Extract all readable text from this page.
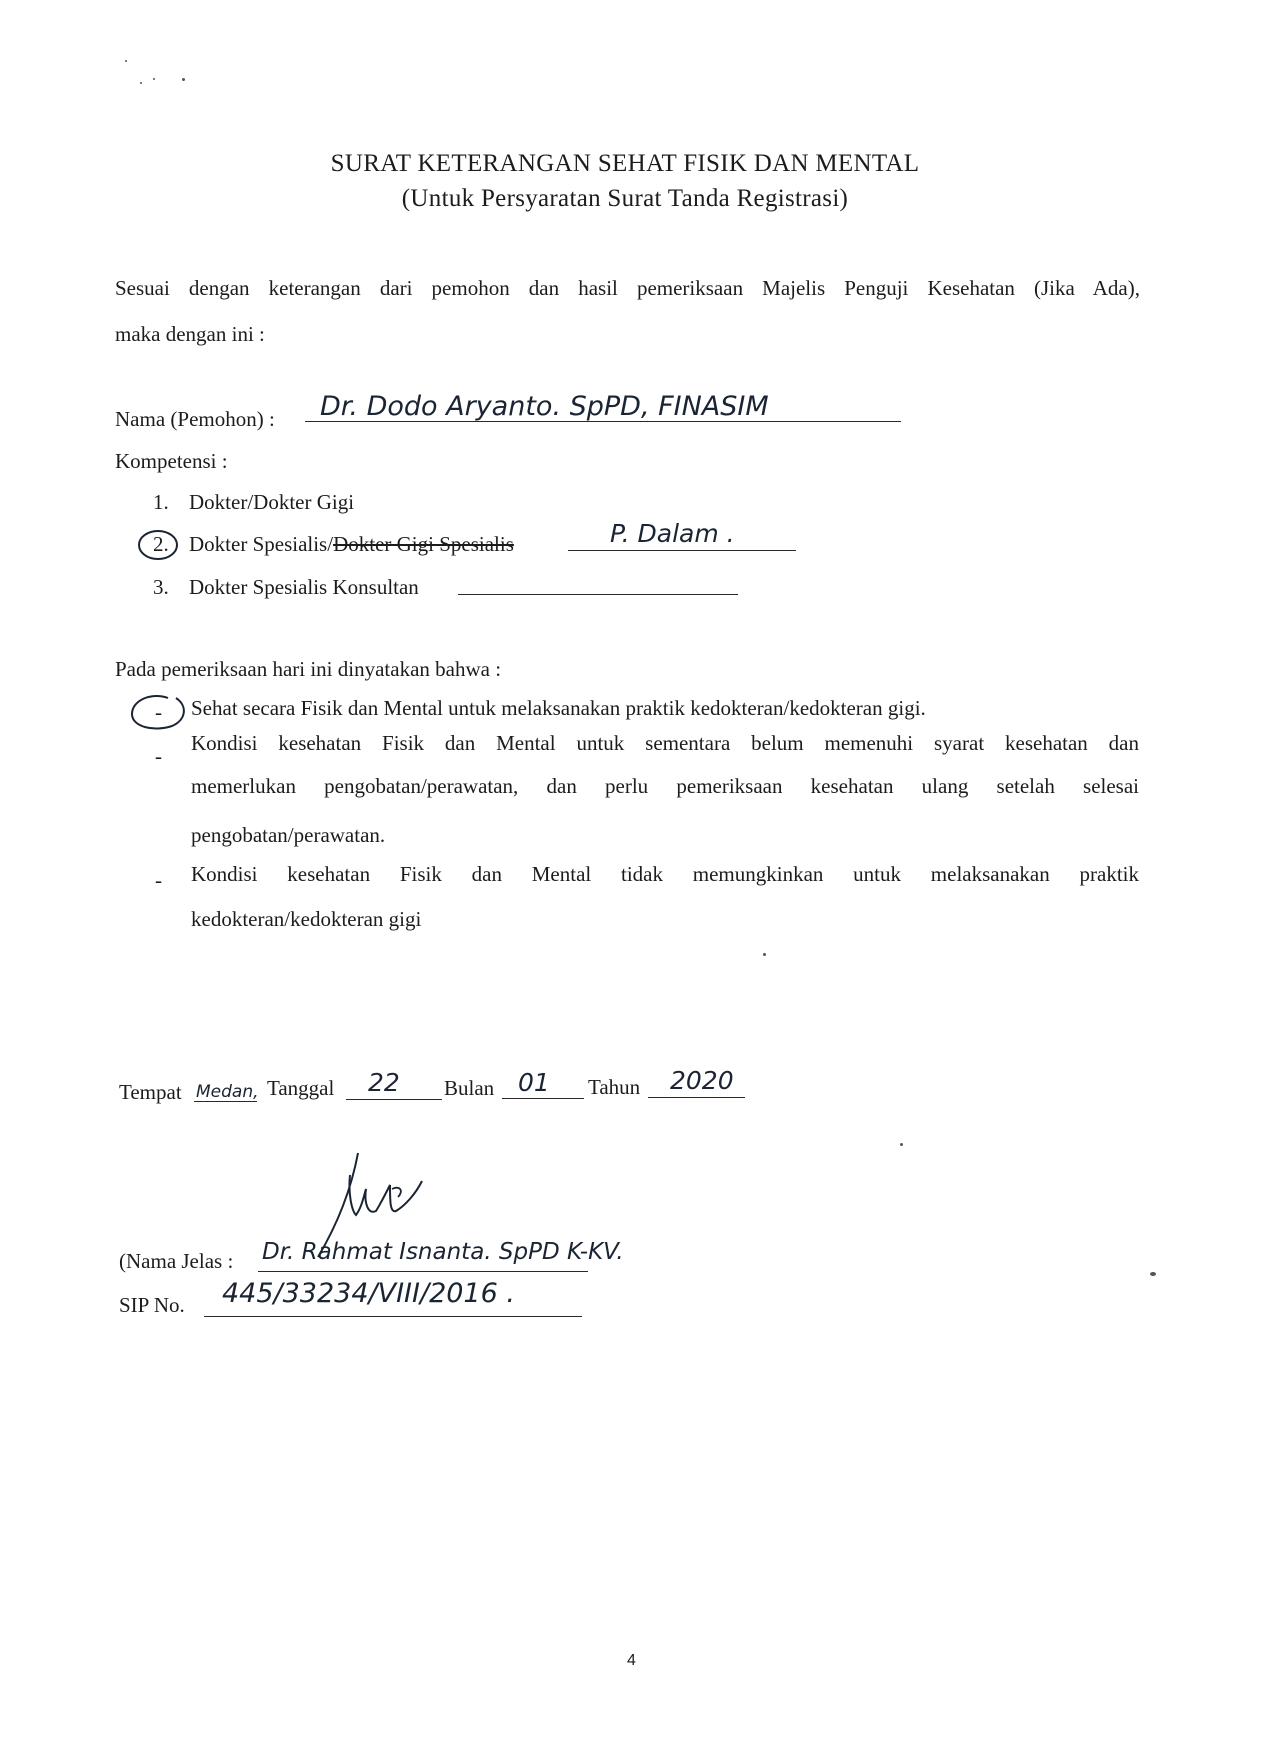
SURAT KETERANGAN SEHAT FISIK DAN MENTAL
(Untuk Persyaratan Surat Tanda Registrasi)
Sesuai dengan keterangan dari pemohon dan hasil pemeriksaan Majelis Penguji Kesehatan (Jika Ada),
maka dengan ini :
Nama (Pemohon) : Dr. Dodo Aryanto. SpPD, FINASIM
Kompetensi :
1. Dokter/Dokter Gigi
2. Dokter Spesialis/Dokter Gigi Spesialis	P. Dalam .
3. Dokter Spesialis Konsultan
Pada pemeriksaan hari ini dinyatakan bahwa :
- Sehat secara Fisik dan Mental untuk melaksanakan praktik kedokteran/kedokteran gigi.
-
Kondisi kesehatan Fisik dan Mental untuk sementara belum memenuhi syarat kesehatan dan
memerlukan pengobatan/perawatan, dan perlu pemeriksaan kesehatan ulang setelah selesai
pengobatan/perawatan.
- Kondisi kesehatan Fisik dan Mental tidak memungkinkan untuk melaksanakan praktik
kedokteran/kedokteran gigi
Tempat Medan, Tanggal 22 Bulan 01 Tahun 2020
(Nama Jelas : Dr. Rahmat Isnanta. SpPD K-KV.
SIP No. 445/33234/VIII/2016 .
4
